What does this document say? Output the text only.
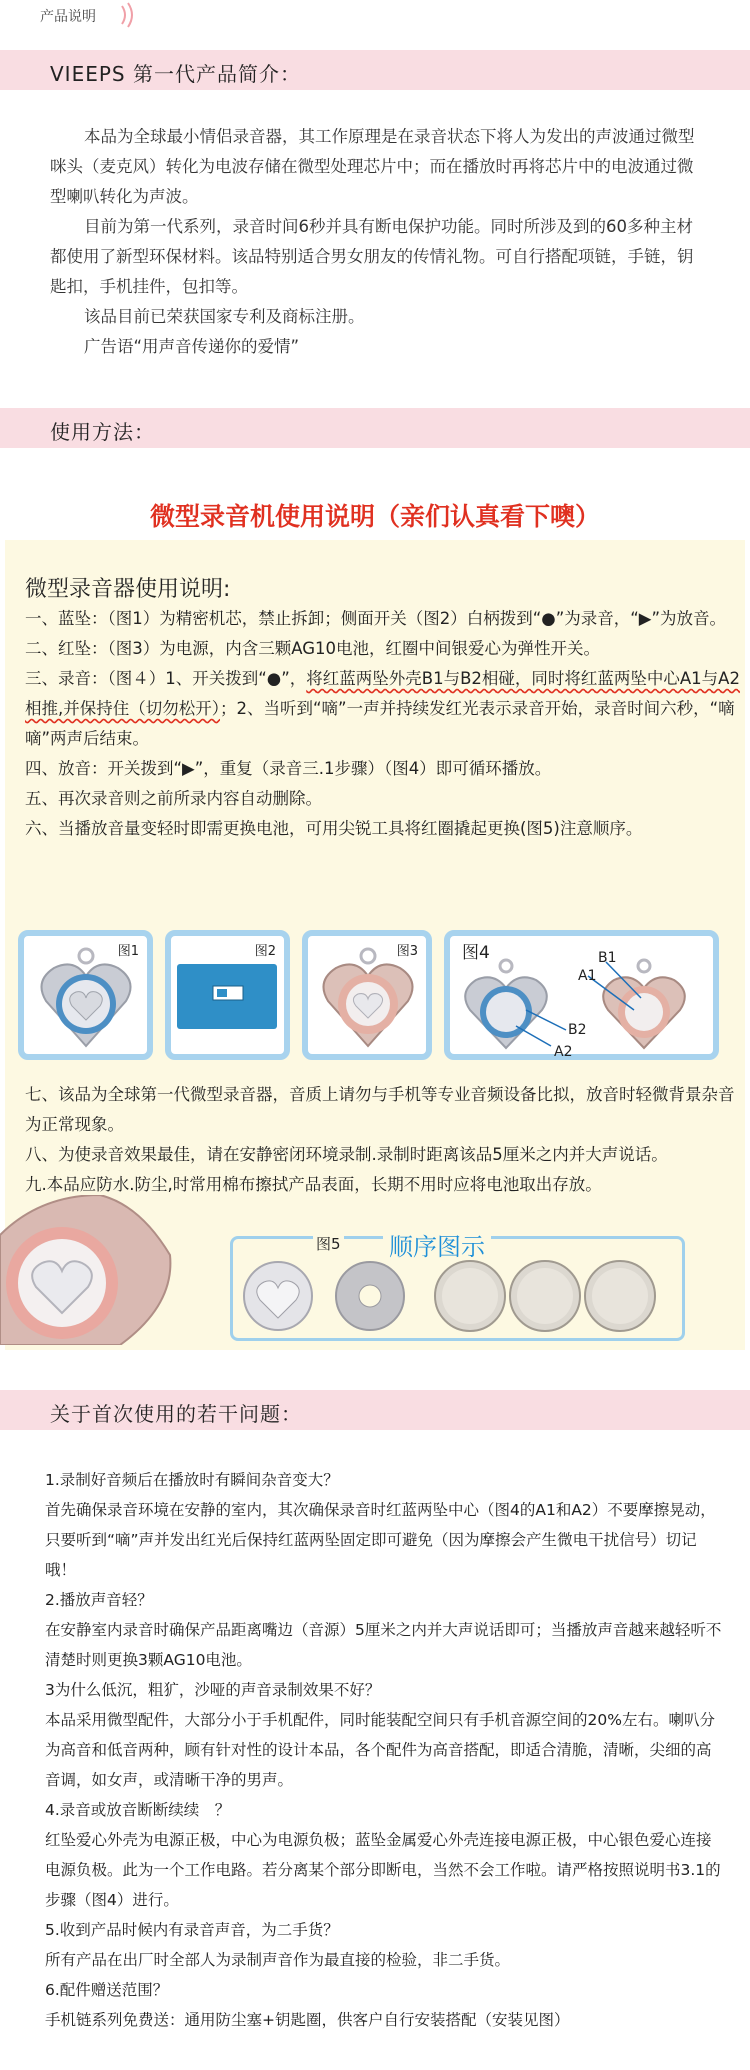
产品说明
VIEEPS 第一代产品简介：

本品为全球最小情侣录音器，其工作原理是在录音状态下将人为发出的声波通过微型咪头（麦克风）转化为电波存储在微型处理芯片中；而在播放时再将芯片中的电波通过微型喇叭转化为声波。

目前为第一代系列，录音时间6秒并具有断电保护功能。同时所涉及到的60多种主材都使用了新型环保材料。该品特别适合男女朋友的传情礼物。可自行搭配项链，手链，钥匙扣，手机挂件，包扣等。

该品目前已荣获国家专利及商标注册。

广告语“用声音传递你的爱情”

使用方法：
微型录音机使用说明（亲们认真看下噢）
微型录音器使用说明:

一、蓝坠：（图1）为精密机芯，禁止拆卸；侧面开关（图2）白柄拨到“●”为录音，“▶”为放音。

二、红坠：（图3）为电源，内含三颗AG10电池，红圈中间银爱心为弹性开关。

三、录音：（图４）1、开关拨到“●”，将红蓝两坠外壳B1与B2相碰，同时将红蓝两坠中心A1与A2相推,并保持住（切勿松开）；2、当听到“嘀”一声并持续发红光表示录音开始，录音时间六秒，“嘀嘀”两声后结束。

四、放音：开关拨到“▶”，重复（录音三.1步骤）（图4）即可循环播放。

五、再次录音则之前所录内容自动删除。

六、当播放音量变轻时即需更换电池，可用尖锐工具将红圈撬起更换(图5)注意顺序。

图1	图2	图3	图4	B1
A1
B2
A2

七、该品为全球第一代微型录音器，音质上请勿与手机等专业音频设备比拟，放音时轻微背景杂音为正常现象。

八、为使录音效果最佳，请在安静密闭环境录制.录制时距离该品5厘米之内并大声说话。

九.本品应防水.防尘,时常用棉布擦拭产品表面，长期不用时应将电池取出存放。

图5 顺序图示
关于首次使用的若干问题：

1.录制好音频后在播放时有瞬间杂音变大？

首先确保录音环境在安静的室内，其次确保录音时红蓝两坠中心（图4的A1和A2）不要摩擦晃动，只要听到“嘀”声并发出红光后保持红蓝两坠固定即可避免（因为摩擦会产生微电干扰信号）切记哦！

2.播放声音轻？

在安静室内录音时确保产品距离嘴边（音源）5厘米之内并大声说话即可；当播放声音越来越轻听不清楚时则更换3颗AG10电池。

3为什么低沉，粗犷，沙哑的声音录制效果不好？

本品采用微型配件，大部分小于手机配件，同时能装配空间只有手机音源空间的20%左右。喇叭分为高音和低音两种，顾有针对性的设计本品，各个配件为高音搭配，即适合清脆，清晰，尖细的高音调，如女声，或清晰干净的男声。

4.录音或放音断断续续　？

红坠爱心外壳为电源正极，中心为电源负极；蓝坠金属爱心外壳连接电源正极，中心银色爱心连接电源负极。此为一个工作电路。若分离某个部分即断电，当然不会工作啦。请严格按照说明书3.1的步骤（图4）进行。

5.收到产品时候内有录音声音，为二手货？

所有产品在出厂时全部人为录制声音作为最直接的检验，非二手货。

6.配件赠送范围？

手机链系列免费送：通用防尘塞+钥匙圈，供客户自行安装搭配（安装见图）
